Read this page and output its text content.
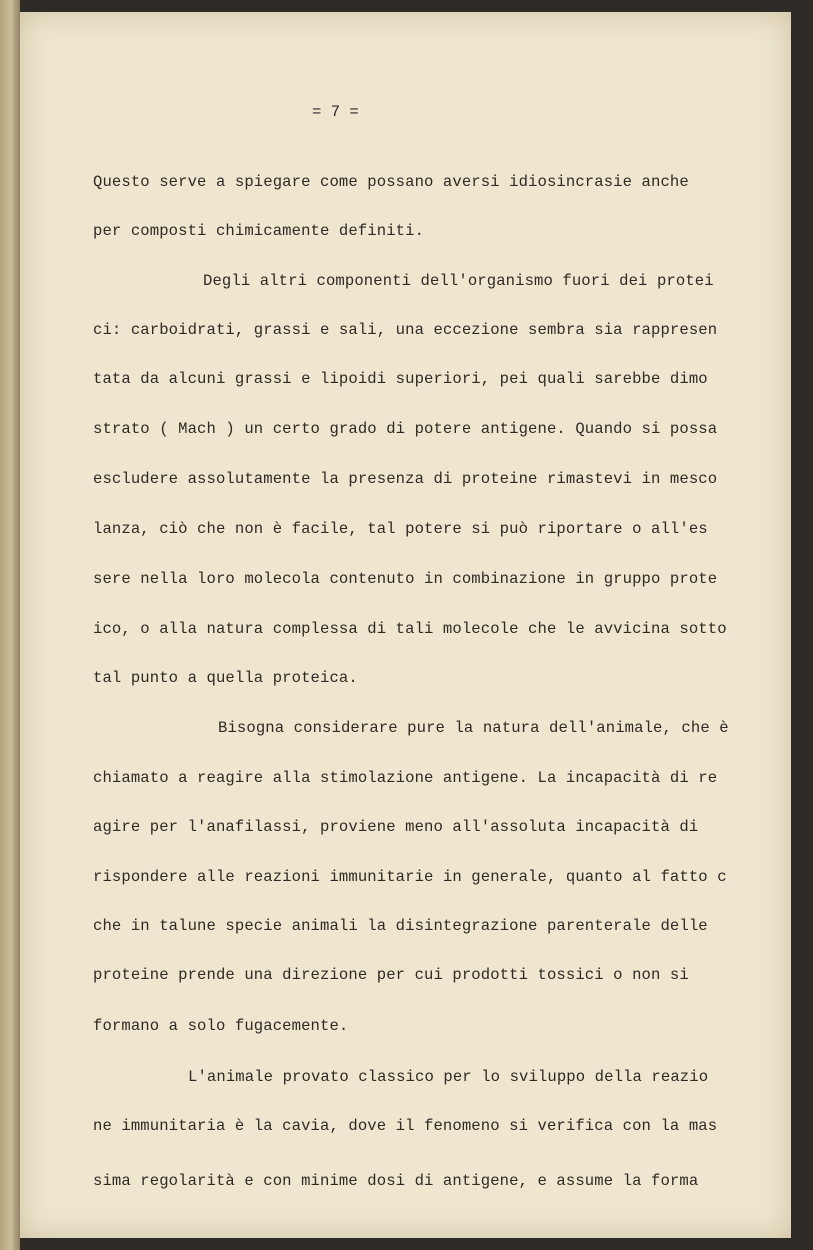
= 7 =

Questo serve a spiegare come possano aversi idiosincrasie anche

per composti chimicamente definiti.

Degli altri componenti dell'organismo fuori dei protei

ci: carboidrati, grassi e sali, una eccezione sembra sia rappresen

tata da alcuni grassi e lipoidi superiori, pei quali sarebbe dimo

strato ( Mach ) un certo grado di potere antigene. Quando si possa

escludere assolutamente la presenza di proteine rimastevi in mesco

lanza, ciò che non è facile, tal potere si può riportare o all'es

sere nella loro molecola contenuto in combinazione in gruppo prote

ico, o alla natura complessa di tali molecole che le avvicina sotto

tal punto a quella proteica.

Bisogna considerare pure la natura dell'animale, che è

chiamato a reagire alla stimolazione antigene. La incapacità di re

agire per l'anafilassi, proviene meno all'assoluta incapacità di

rispondere alle reazioni immunitarie in generale, quanto al fatto c

che in talune specie animali la disintegrazione parenterale delle

proteine prende una direzione per cui prodotti tossici o non si

formano a solo fugacemente.

L'animale provato classico per lo sviluppo della reazio

ne immunitaria è la cavia, dove il fenomeno si verifica con la mas

sima regolarità e con minime dosi di antigene, e assume la forma
